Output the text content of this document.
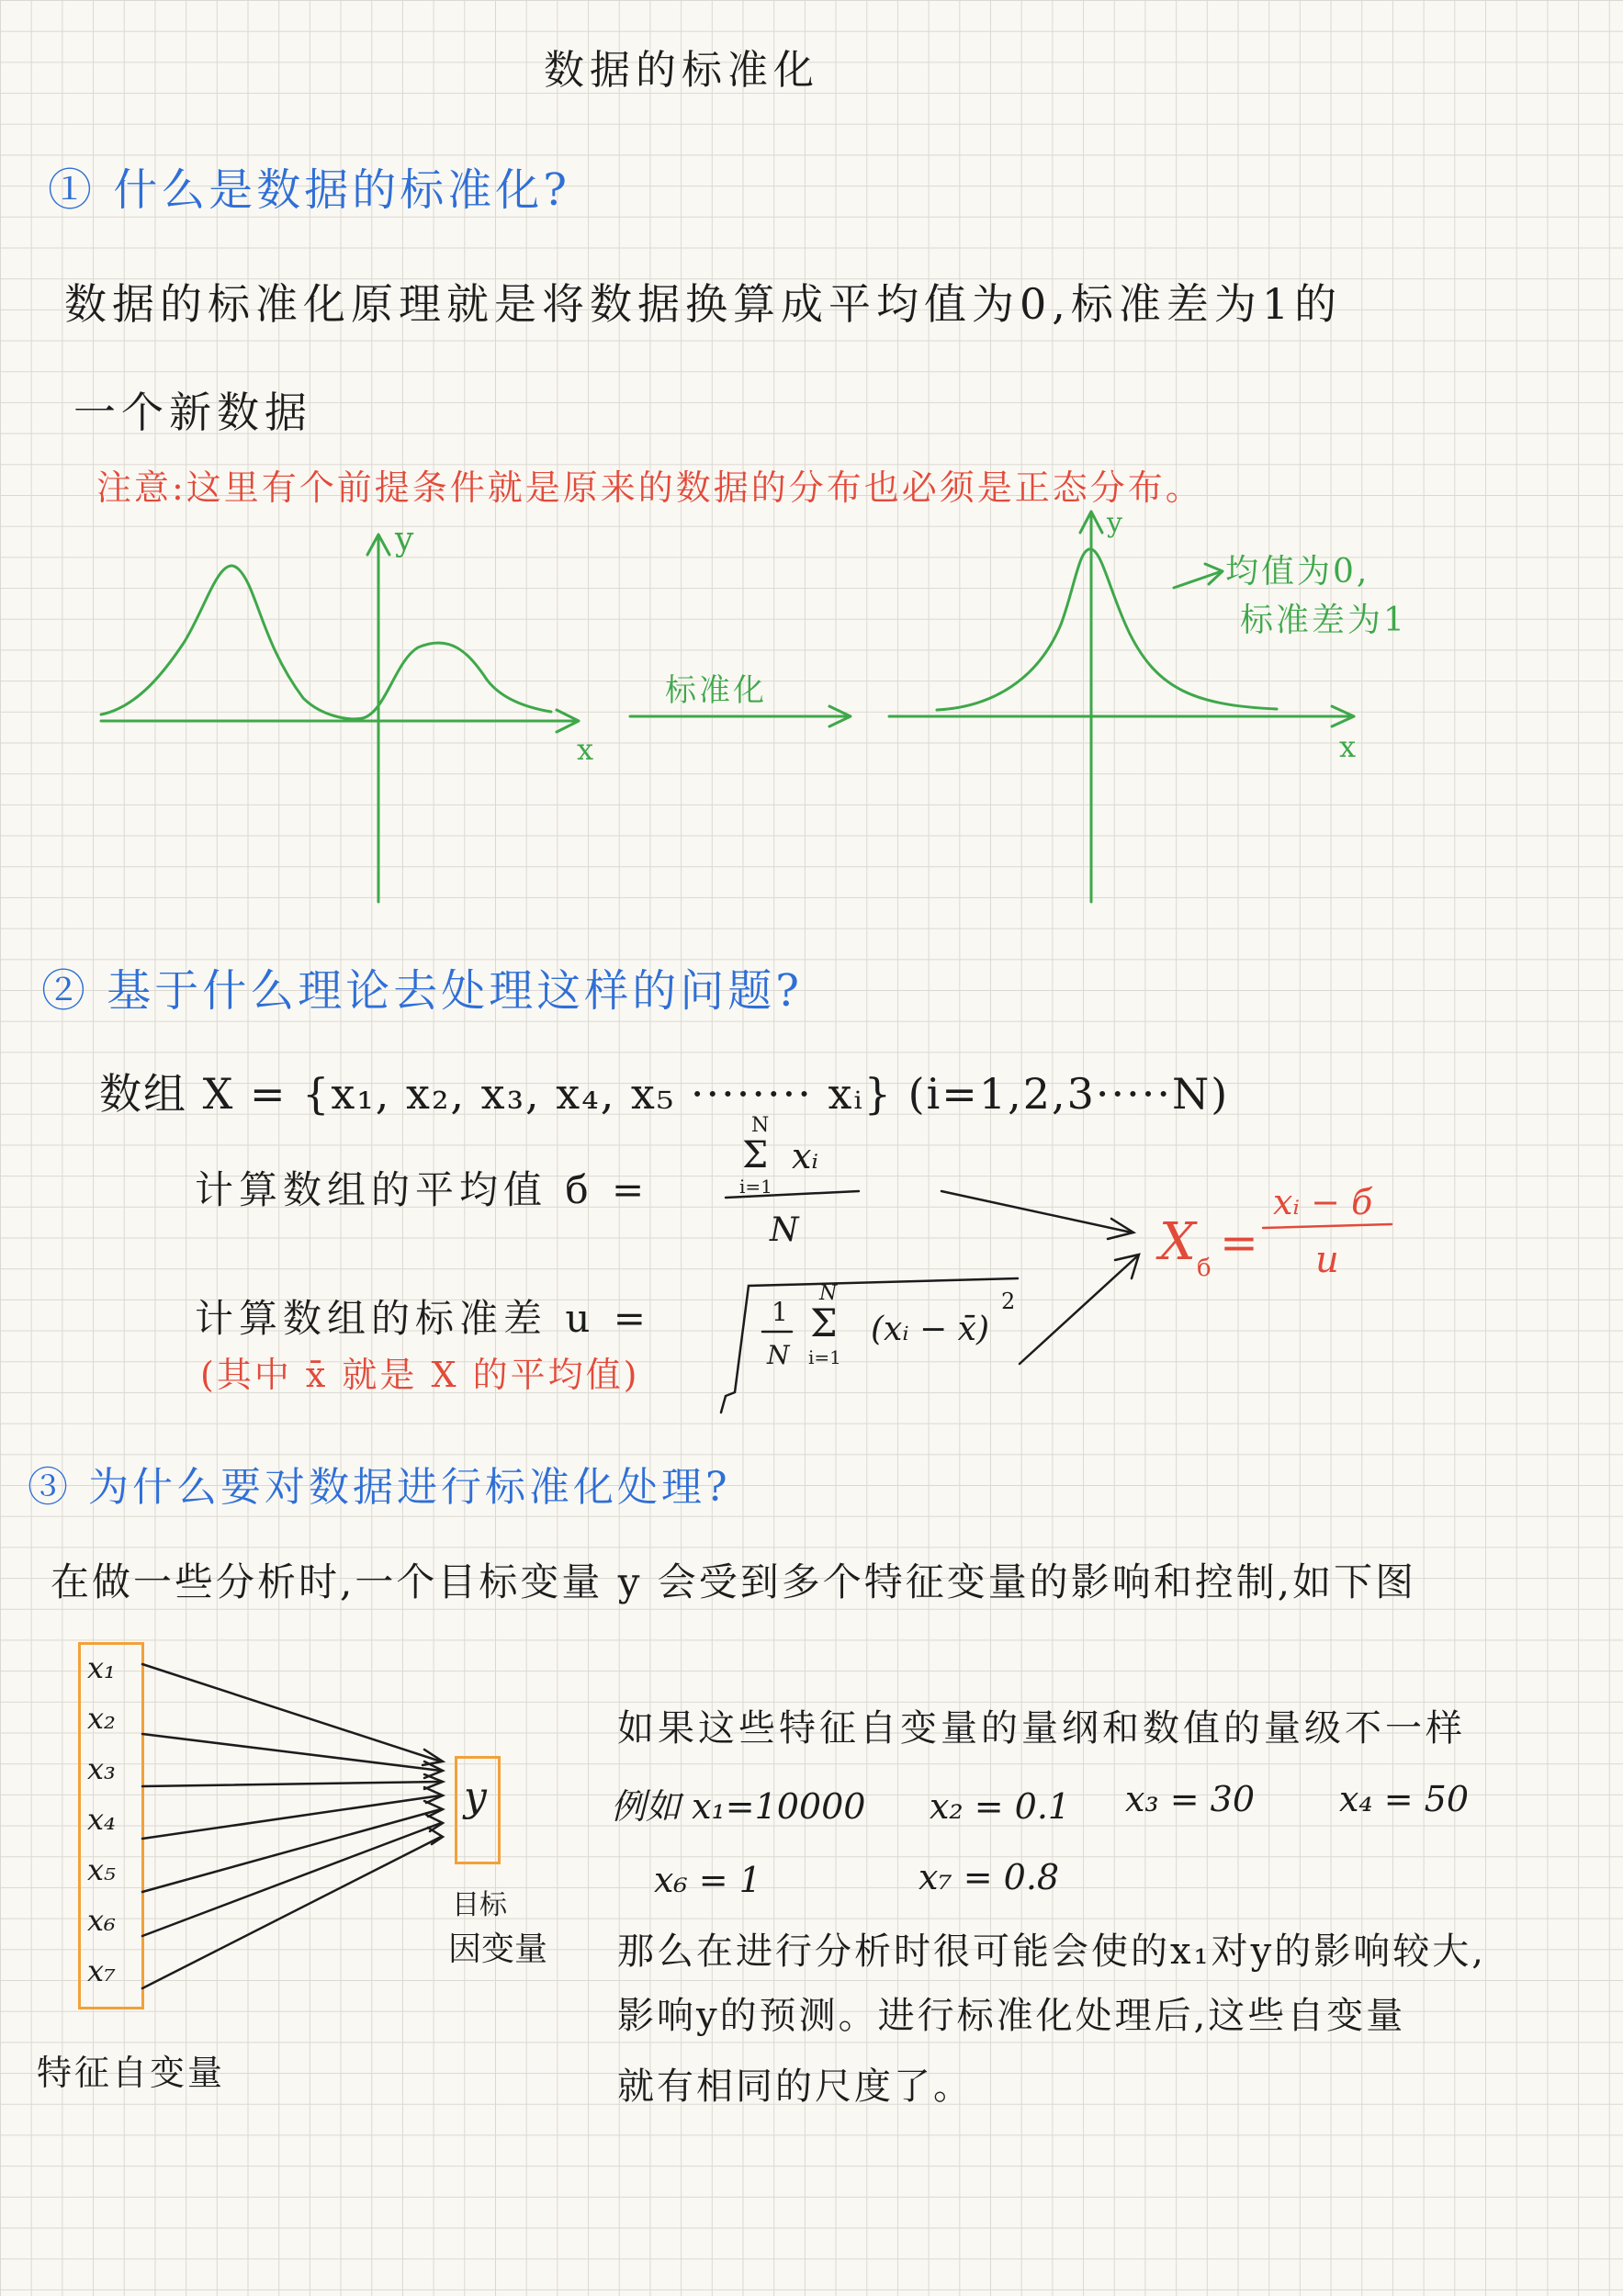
数据的标准化
① 什么是数据的标准化?
数据的标准化原理就是将数据换算成平均值为0,标准差为1的
一个新数据
注意:这里有个前提条件就是原来的数据的分布也必须是正态分布。
y
x
标准化
y
x
均值为0,
标准差为1
② 基于什么理论去处理这样的问题?
数组 X = {x₁, x₂, x₃, x₄, x₅ ········ xᵢ} (i=1,2,3·····N)
计算数组的平均值 б =
N
Σ
i=1
xᵢ
N
计算数组的标准差 u =	1
N
N
Σ
i=1
(xᵢ − x̄)
2
(其中 x̄ 就是 X 的平均值)
X б =
xᵢ − б
u
③ 为什么要对数据进行标准化处理?
在做一些分析时,一个目标变量 y 会受到多个特征变量的影响和控制,如下图
x₁
x₂
x₃
x₄
x₅
x₆
x₇
特征自变量
y
目标
因变量
如果这些特征自变量的量纲和数值的量级不一样
例如 x₁=10000 x₂ = 0.1 x₃ = 30 x₄ = 50
x₆ = 1	x₇ = 0.8
那么在进行分析时很可能会使的x₁对y的影响较大,
影响y的预测。进行标准化处理后,这些自变量
就有相同的尺度了。
